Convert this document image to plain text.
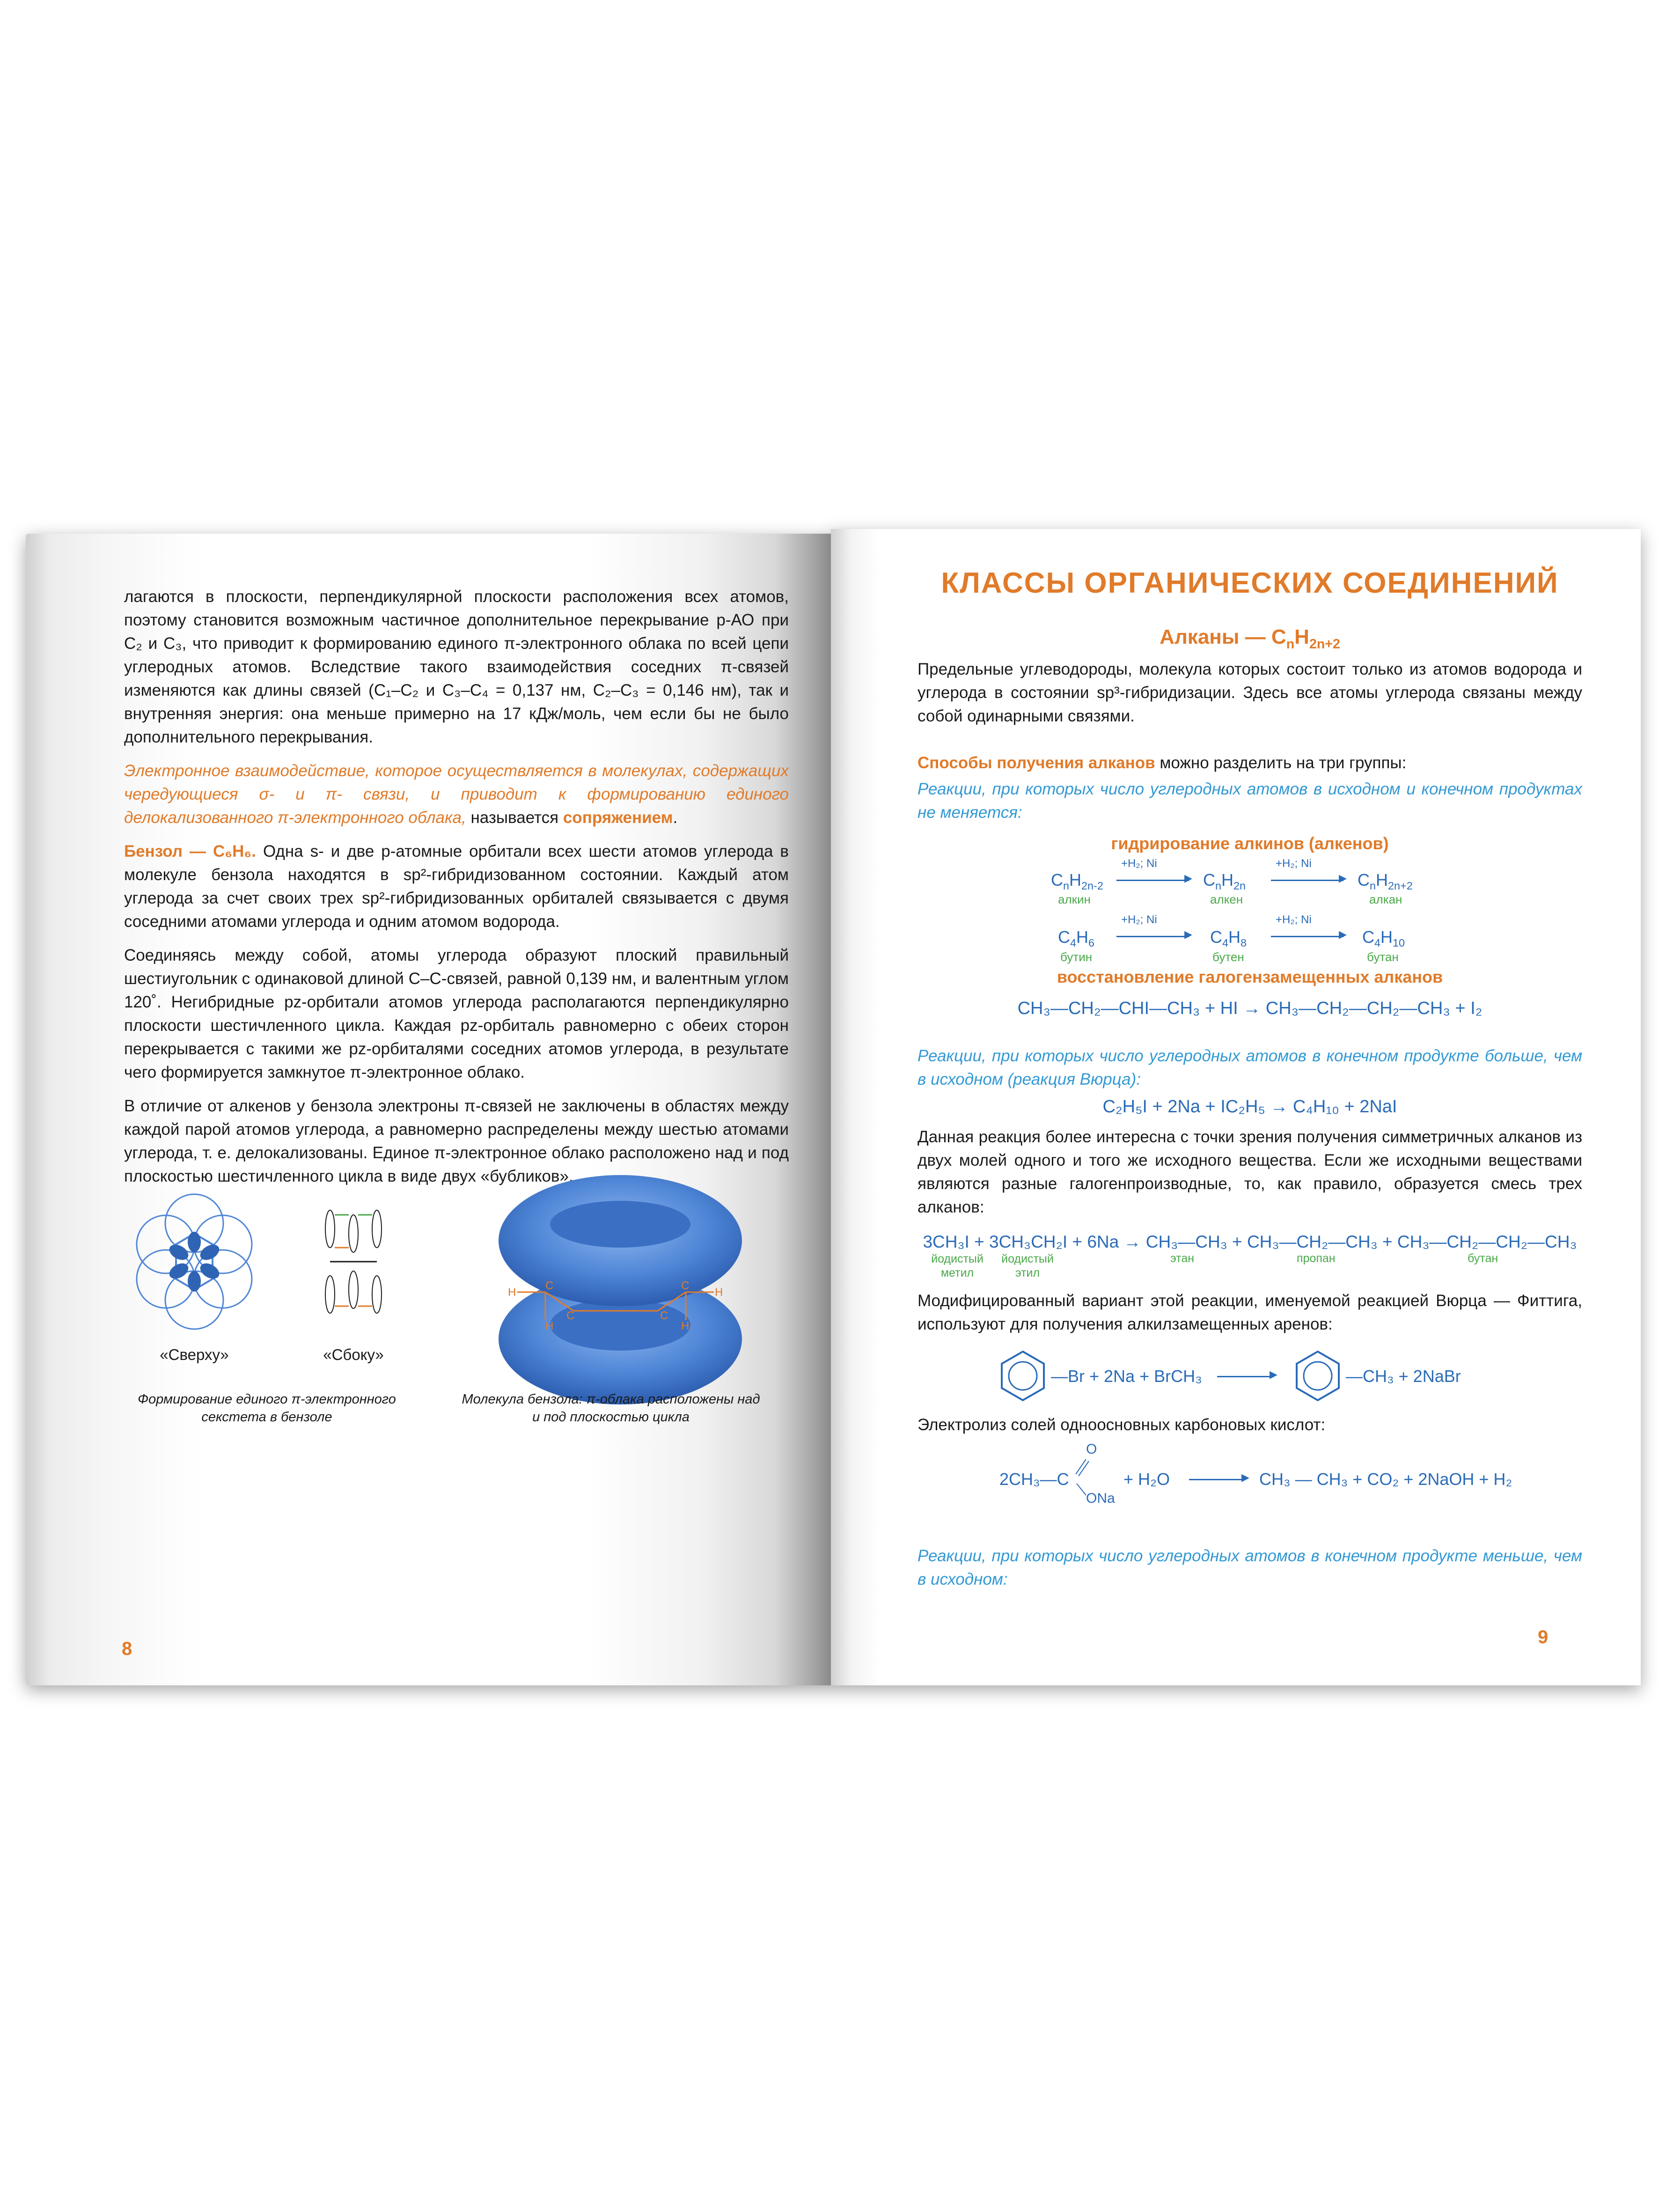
лагаются в плоскости, перпендикулярной плоскости расположения всех атомов, поэтому становится возможным частичное дополнительное перекрывание p-АО при C₂ и C₃, что приводит к формированию единого π-электронного облака по всей цепи углеродных атомов. Вследствие такого взаимодействия соседних π-связей изменяются как длины связей (C₁–C₂ и C₃–C₄ = 0,137 нм, C₂–C₃ = 0,146 нм), так и внутренняя энергия: она меньше примерно на 17 кДж/моль, чем если бы не было дополнительного перекрывания.

Электронное взаимодействие, которое осуществляется в молекулах, содержащих чередующиеся σ- и π- связи, и приводит к формированию единого делокализованного π-электронного облака, называется сопряжением.

Бензол — C₆H₆. Одна s- и две p-атомные орбитали всех шести атомов углерода в молекуле бензола находятся в sp²-гибридизованном состоянии. Каждый атом углерода за счет своих трех sp²-гибридизованных орбиталей связывается с двумя соседними атомами углерода и одним атомом водорода.

Соединяясь между собой, атомы углерода образуют плоский правильный шестиугольник с одинаковой длиной C–C-связей, равной 0,139 нм, и валентным углом 120˚. Негибридные pz-орбитали атомов углерода располагаются перпендикулярно плоскости шестичленного цикла. Каждая pz-орбиталь равномерно с обеих сторон перекрывается с такими же pz-орбиталями соседних атомов углерода, в результате чего формируется замкнутое π-электронное облако.

В отличие от алкенов у бензола электроны π-связей не заключены в областях между каждой парой атомов углерода, а равномерно распределены между шестью атомами углерода, т. е. делокализованы. Единое π-электронное облако расположено над и под плоскостью шестичленного цикла в виде двух «бубликов».

«Сверху»	«Сбоку»
H
C
H
C
C	C
H	H
Формирование единого π-электронного секстета в бензоле
Молекула бензола: π-облака расположены над и под плоскостью цикла
8
КЛАССЫ ОРГАНИЧЕСКИХ СОЕДИНЕНИЙ
Алканы — $C_nH_{2n+2}$

Предельные углеводороды, молекула которых состоит только из атомов водорода и углерода в состоянии sp³-гибридизации. Здесь все атомы углерода связаны между собой одинарными связями.

Способы получения алканов можно разделить на три группы:

Реакции, при которых число углеродных атомов в исходном и конечном продуктах не меняется:

гидрирование алкинов (алкенов)
$C_nH_{2n-2}$
алкин
+H₂; Ni
▶ $C_nH_{2n}$
алкен
+H₂; Ni
▶ $C_nH_{2n+2}$
алкан
$C_4H_6$
бутин
+H₂; Ni
▶ $C_4H_8$
бутен
+H₂; Ni
▶ $C_4H_{10}$
бутан
восстановление галогензамещенных алканов
CH₃—CH₂—CHI—CH₃ + HI → CH₃—CH₂—CH₂—CH₃ + I₂

Реакции, при которых число углеродных атомов в конечном продукте больше, чем в исходном (реакция Вюрца):

C₂H₅I + 2Na + IC₂H₅ → C₄H₁₀ + 2NaI

Данная реакция более интересна с точки зрения получения симметричных алканов из двух молей одного и того же исходного вещества. Если же исходными веществами являются разные галогенпроизводные, то, как правило, образуется смесь трех алканов:

3CH₃I + 3CH₃CH₂I + 6Na → CH₃—CH₃ + CH₃—CH₂—CH₃ + CH₃—CH₂—CH₂—CH₃
йодистый метил
йодистый этил
этан	пропан	бутан

Модифицированный вариант этой реакции, именуемой реакцией Вюрца — Фиттига, используют для получения алкилзамещенных аренов:

—Br + 2Na + BrCH₃	▶	—CH₃ + 2NaBr

Электролиз солей одноосновных карбоновых кислот:

2CH₃—C
O
ONa
+ H₂O	▶ CH₃ — CH₃ + CO₂ + 2NaOH + H₂

Реакции, при которых число углеродных атомов в конечном продукте меньше, чем в исходном:

9
